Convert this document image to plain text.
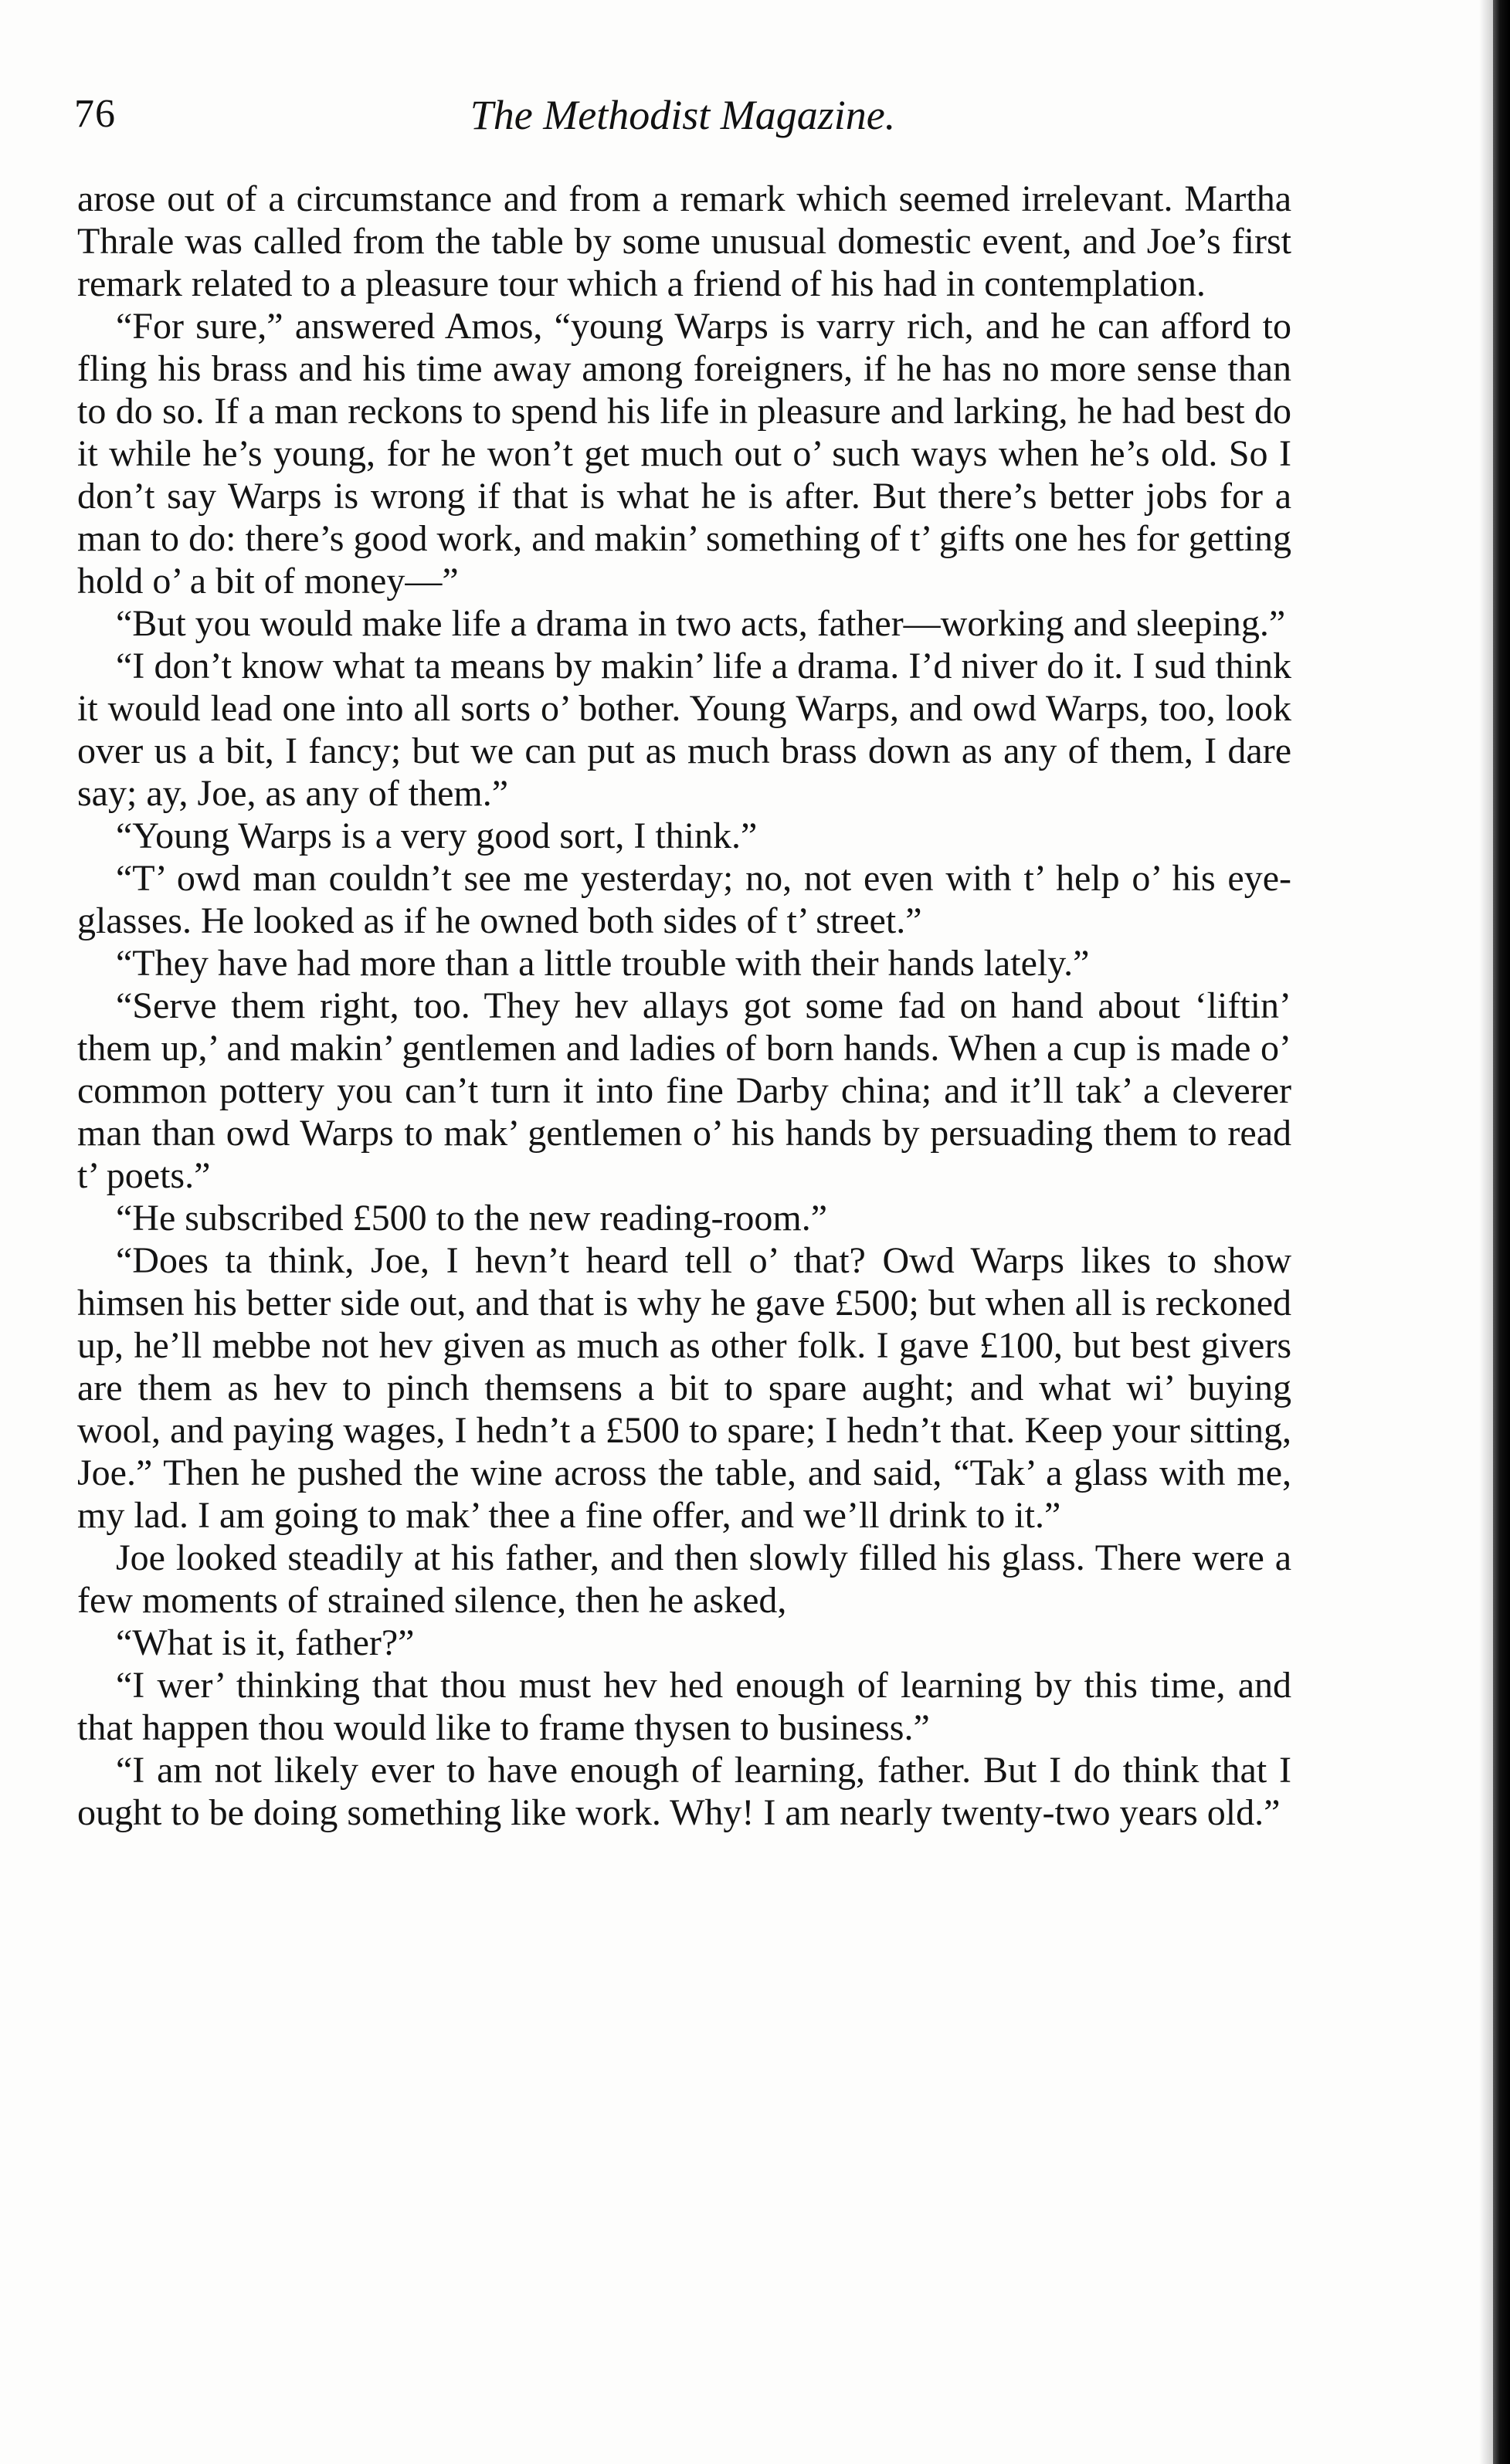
76	The Methodist Magazine.

arose out of a circumstance and from a remark which seemed irrelevant. Martha Thrale was called from the table by some unusual domestic event, and Joe’s first remark related to a pleasure tour which a friend of his had in contemplation.

“For sure,” answered Amos, “young Warps is varry rich, and he can afford to fling his brass and his time away among foreigners, if he has no more sense than to do so. If a man reckons to spend his life in pleasure and larking, he had best do it while he’s young, for he won’t get much out o’ such ways when he’s old. So I don’t say Warps is wrong if that is what he is after. But there’s better jobs for a man to do: there’s good work, and makin’ something of t’ gifts one hes for getting hold o’ a bit of money—”

“But you would make life a drama in two acts, father—working and sleeping.”

“I don’t know what ta means by makin’ life a drama. I’d niver do it. I sud think it would lead one into all sorts o’ bother. Young Warps, and owd Warps, too, look over us a bit, I fancy; but we can put as much brass down as any of them, I dare say; ay, Joe, as any of them.”

“Young Warps is a very good sort, I think.”

“T’ owd man couldn’t see me yesterday; no, not even with t’ help o’ his eye-glasses. He looked as if he owned both sides of t’ street.”

“They have had more than a little trouble with their hands lately.”

“Serve them right, too. They hev allays got some fad on hand about ‘liftin’ them up,’ and makin’ gentlemen and ladies of born hands. When a cup is made o’ common pottery you can’t turn it into fine Darby china; and it’ll tak’ a cleverer man than owd Warps to mak’ gentlemen o’ his hands by persuading them to read t’ poets.”

“He subscribed £500 to the new reading-room.”

“Does ta think, Joe, I hevn’t heard tell o’ that? Owd Warps likes to show himsen his better side out, and that is why he gave £500; but when all is reckoned up, he’ll mebbe not hev given as much as other folk. I gave £100, but best givers are them as hev to pinch themsens a bit to spare aught; and what wi’ buying wool, and paying wages, I hedn’t a £500 to spare; I hedn’t that. Keep your sitting, Joe.” Then he pushed the wine across the table, and said, “Tak’ a glass with me, my lad. I am going to mak’ thee a fine offer, and we’ll drink to it.”

Joe looked steadily at his father, and then slowly filled his glass. There were a few moments of strained silence, then he asked,

“What is it, father?”

“I wer’ thinking that thou must hev hed enough of learning by this time, and that happen thou would like to frame thysen to business.”

“I am not likely ever to have enough of learning, father. But I do think that I ought to be doing something like work. Why! I am nearly twenty-two years old.”
